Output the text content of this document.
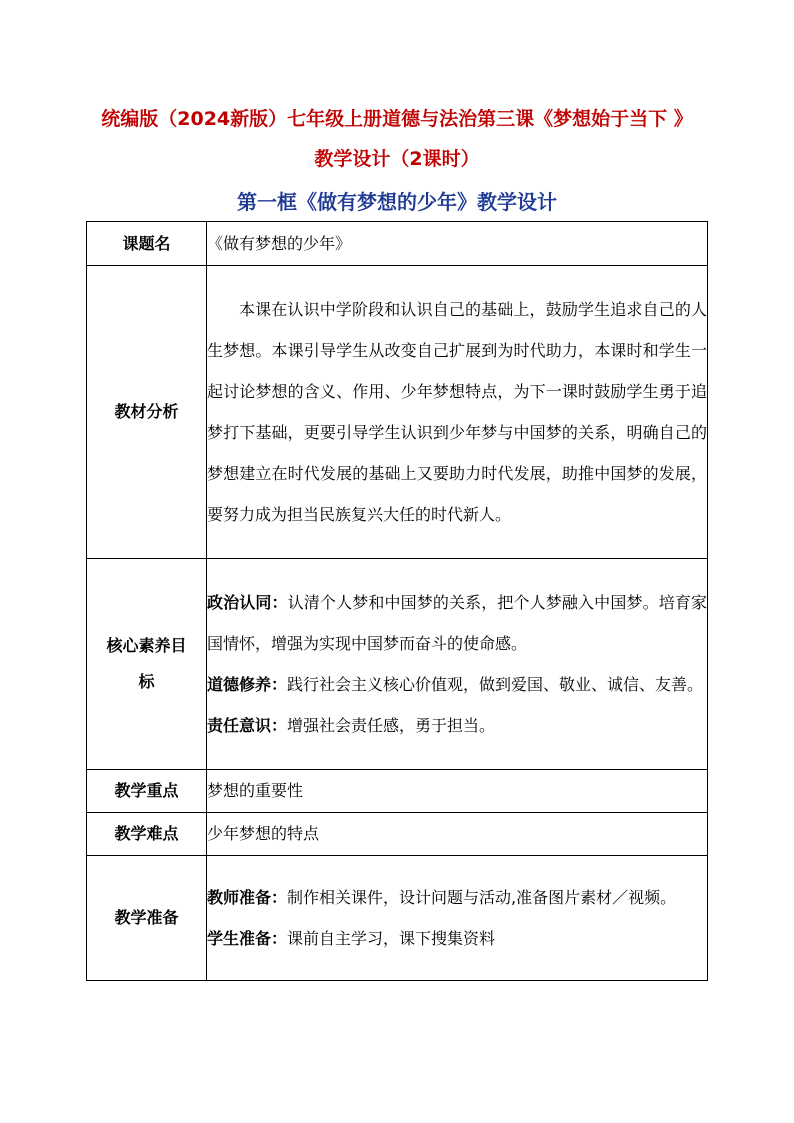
统编版（2024新版）七年级上册道德与法治第三课《梦想始于当下 》
教学设计（2课时）
第一框《做有梦想的少年》教学设计
课题名	《做有梦想的少年》

教材分析	本课在认识中学阶段和认识自己的基础上，鼓励学生追求自己的人生梦想。本课引导学生从改变自己扩展到为时代助力，本课时和学生一起讨论梦想的含义、作用、少年梦想特点，为下一课时鼓励学生勇于追梦打下基础，更要引导学生认识到少年梦与中国梦的关系，明确自己的梦想建立在时代发展的基础上又要助力时代发展，助推中国梦的发展，要努力成为担当民族复兴大任的时代新人。

核心素养目标	政治认同：认清个人梦和中国梦的关系，把个人梦融入中国梦。培育家国情怀，增强为实现中国梦而奋斗的使命感。

道德修养：践行社会主义核心价值观，做到爱国、敬业、诚信、友善。

责任意识：增强社会责任感，勇于担当。

教学重点	梦想的重要性

教学难点	少年梦想的特点

教学准备	教师准备：制作相关课件，设计问题与活动,准备图片素材／视频。

学生准备：课前自主学习，课下搜集资料
